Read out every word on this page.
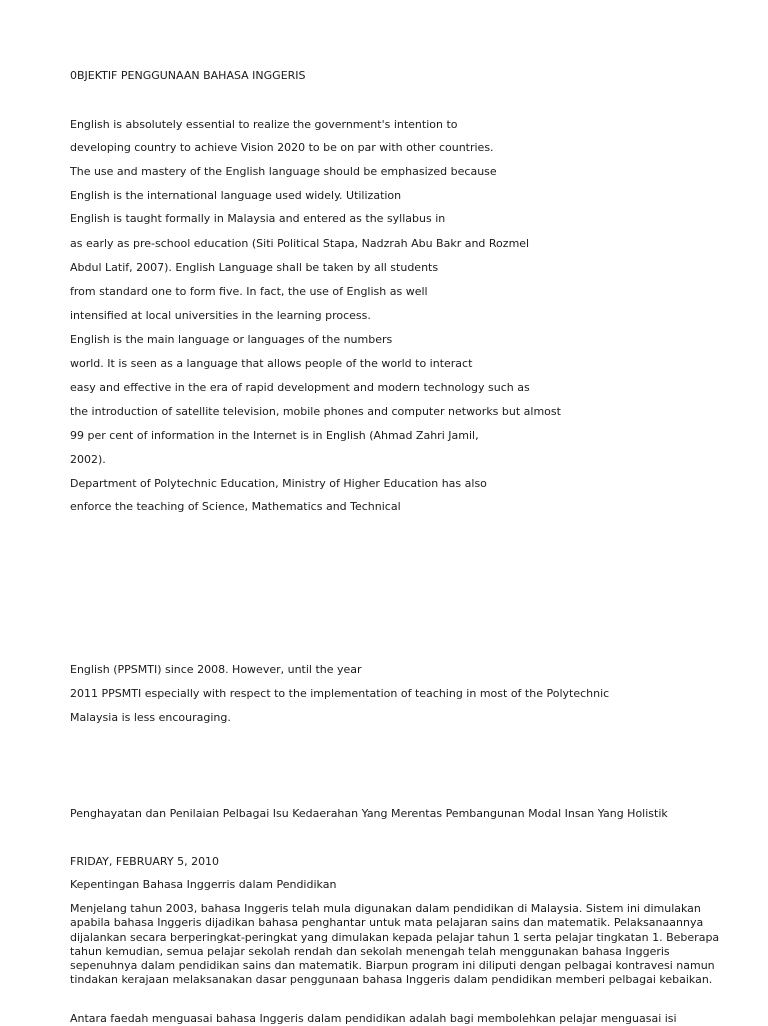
0BJEKTIF PENGGUNAAN BAHASA INGGERIS

English is absolutely essential to realize the government's intention to

developing country to achieve Vision 2020 to be on par with other countries.

The use and mastery of the English language should be emphasized because

English is the international language used widely. Utilization

English is taught formally in Malaysia and entered as the syllabus in

as early as pre-school education (Siti Political Stapa, Nadzrah Abu Bakr and Rozmel

Abdul Latif, 2007). English Language shall be taken by all students

from standard one to form five. In fact, the use of English as well

intensified at local universities in the learning process.

English is the main language or languages of the numbers

world. It is seen as a language that allows people of the world to interact

easy and effective in the era of rapid development and modern technology such as

the introduction of satellite television, mobile phones and computer networks but almost

99 per cent of information in the Internet is in English (Ahmad Zahri Jamil,

2002).

Department of Polytechnic Education, Ministry of Higher Education has also

enforce the teaching of Science, Mathematics and Technical

English (PPSMTI) since 2008. However, until the year

2011 PPSMTI especially with respect to the implementation of teaching in most of the Polytechnic

Malaysia is less encouraging.

Penghayatan dan Penilaian Pelbagai Isu Kedaerahan Yang Merentas Pembangunan Modal Insan Yang Holistik

FRIDAY, FEBRUARY 5, 2010

Kepentingan Bahasa Inggerris dalam Pendidikan

Menjelang tahun 2003, bahasa Inggeris telah mula digunakan dalam pendidikan di Malaysia. Sistem ini dimulakan apabila bahasa Inggeris dijadikan bahasa penghantar untuk mata pelajaran sains dan matematik. Pelaksanaannya dijalankan secara berperingkat-peringkat yang dimulakan kepada pelajar tahun 1 serta pelajar tingkatan 1. Beberapa tahun kemudian, semua pelajar sekolah rendah dan sekolah menengah telah menggunakan bahasa Inggeris sepenuhnya dalam pendidikan sains dan matematik. Biarpun program ini diliputi dengan pelbagai kontravesi namun tindakan kerajaan melaksanakan dasar penggunaan bahasa Inggeris dalam pendidikan memberi pelbagai kebaikan.

Antara faedah menguasai bahasa Inggeris dalam pendidikan adalah bagi membolehkan pelajar menguasai isi
